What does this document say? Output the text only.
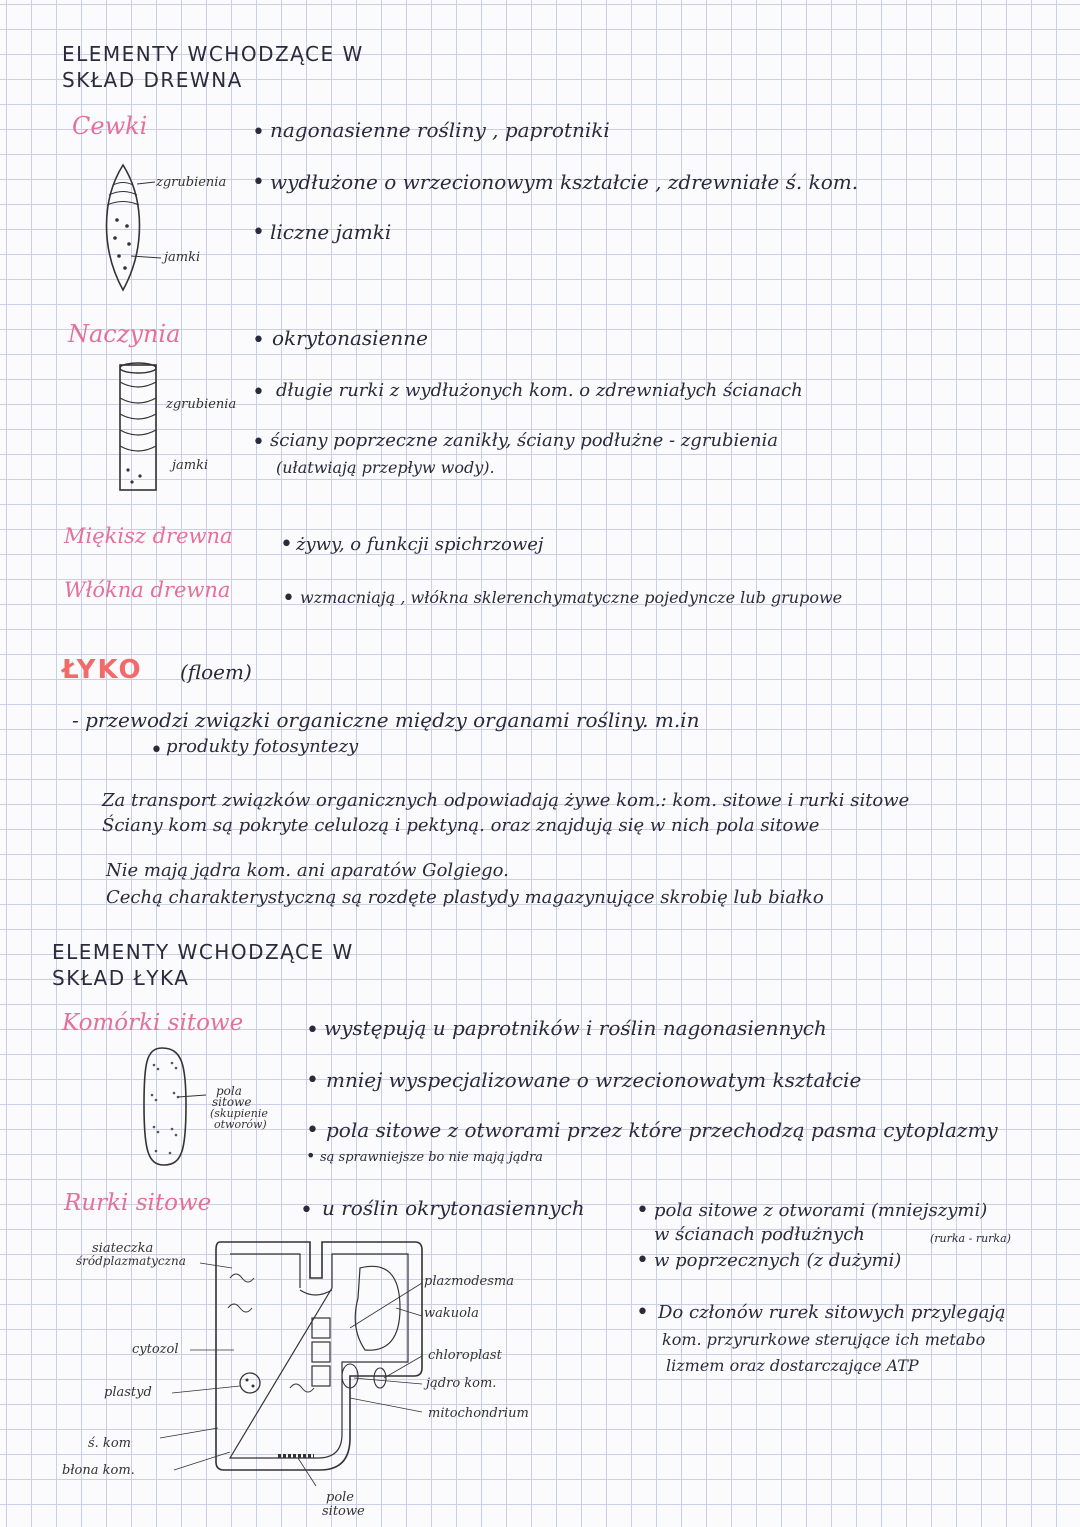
ELEMENTY WCHODZĄCE W
SKŁAD DREWNA
Cewki	• nagonasienne rośliny , paprotniki
• wydłużone o wrzecionowym kształcie , zdrewniałe ś. kom.
• liczne jamki
zgrubienia
jamki
Naczynia	• okrytonasienne
• długie rurki z wydłużonych kom. o zdrewniałych ścianach
• ściany poprzeczne zanikły, ściany podłużne - zgrubienia
(ułatwiają przepływ wody).
zgrubienia
jamki
Miękisz drewna • żywy, o funkcji spichrzowej
Włókna drewna • wzmacniają , włókna sklerenchymatyczne pojedyncze lub grupowe
ŁYKO (floem)
- przewodzi związki organiczne między organami rośliny. m.in
• produkty fotosyntezy
Za transport związków organicznych odpowiadają żywe kom.: kom. sitowe i rurki sitowe
Ściany kom są pokryte celulozą i pektyną. oraz znajdują się w nich pola sitowe
Nie mają jądra kom. ani aparatów Golgiego.
Cechą charakterystyczną są rozdęte plastydy magazynujące skrobię lub białko
ELEMENTY WCHODZĄCE W
SKŁAD ŁYKA
Komórki sitowe	• występują u paprotników i roślin nagonasiennych
• mniej wyspecjalizowane o wrzecionowatym kształcie
• pola sitowe z otworami przez które przechodzą pasma cytoplazmy
• są sprawniejsze bo nie mają jądra
pola
sitowe
(skupienie
otworów)
Rurki sitowe	• u roślin okrytonasiennych • pola sitowe z otworami (mniejszymi)
w ścianach podłużnych	(rurka - rurka)
• w poprzecznych (z dużymi)
• Do członów rurek sitowych przylegają
kom. przyrurkowe sterujące ich metabo
lizmem oraz dostarczające ATP
siateczka
śródplazmatyczna
cytozol
plastyd
ś. kom
błona kom.
plazmodesma
wakuola
chloroplast
jądro kom.
mitochondrium
pole
sitowe
